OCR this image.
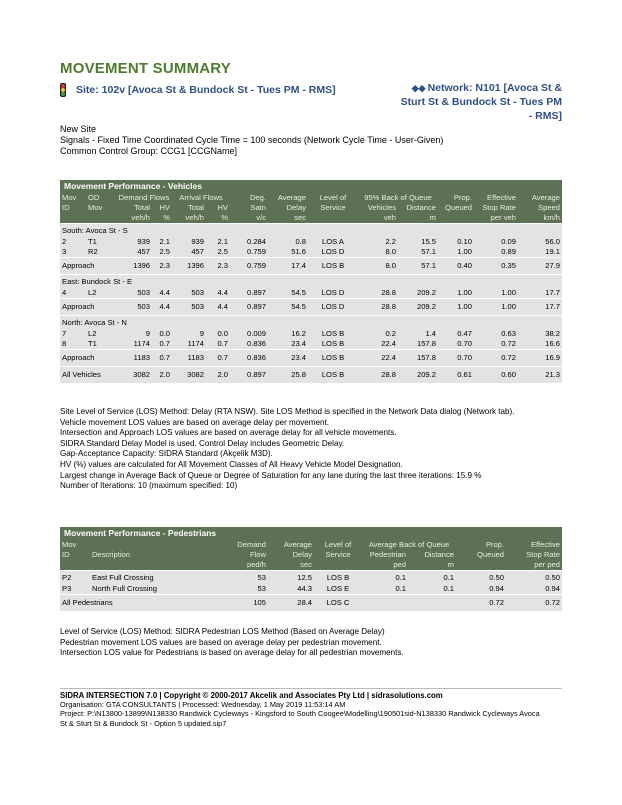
MOVEMENT SUMMARY
Site: 102v [Avoca St & Bundock St - Tues PM - RMS]	◆◆ Network: N101 [Avoca St & Sturt St & Bundock St - Tues PM - RMS]
New Site
Signals - Fixed Time Coordinated Cycle Time = 100 seconds (Network Cycle Time - User-Given)
Common Control Group: CCG1 [CCGName]
Movement Performance - Vehicles
Mov	OD	Demand Flows		Arrival Flows		Deg.	Average	Level of	95% Back of Queue		Prop.	Effective	Average
ID	Mov	Total	HV	Total	HV	Satn	Delay	Service	Vehicles	Distance	Queued	Stop Rate	Speed
		veh/h	%	veh/h	%	v/c	sec		veh	m		per veh	km/h
South: Avoca St - S													
2	T1	939	2.1	939	2.1	0.284	0.8	LOS A	2.2	15.5	0.10	0.09	56.0
3	R2	457	2.5	457	2.5	0.759	51.6	LOS D	8.0	57.1	1.00	0.89	19.1
Approach		1396	2.3	1396	2.3	0.759	17.4	LOS B	8.0	57.1	0.40	0.35	27.9
East: Bundock St - E													
4	L2	503	4.4	503	4.4	0.897	54.5	LOS D	28.8	209.2	1.00	1.00	17.7
Approach		503	4.4	503	4.4	0.897	54.5	LOS D	28.8	209.2	1.00	1.00	17.7
North: Avoca St - N													
7	L2	9	0.0	9	0.0	0.009	16.2	LOS B	0.2	1.4	0.47	0.63	38.2
8	T1	1174	0.7	1174	0.7	0.836	23.4	LOS B	22.4	157.8	0.70	0.72	16.6
Approach		1183	0.7	1183	0.7	0.836	23.4	LOS B	22.4	157.8	0.70	0.72	16.9
All Vehicles		3082	2.0	3082	2.0	0.897	25.8	LOS B	28.8	209.2	0.61	0.60	21.3
Site Level of Service (LOS) Method: Delay (RTA NSW). Site LOS Method is specified in the Network Data dialog (Network tab).
Vehicle movement LOS values are based on average delay per movement.
Intersection and Approach LOS values are based on average delay for all vehicle movements.
SIDRA Standard Delay Model is used. Control Delay includes Geometric Delay.
Gap-Acceptance Capacity: SIDRA Standard (Akçelik M3D).
HV (%) values are calculated for All Movement Classes of All Heavy Vehicle Model Designation.
Largest change in Average Back of Queue or Degree of Saturation for any lane during the last three iterations: 15.9 %
Number of Iterations: 10 (maximum specified: 10)
Movement Performance - Pedestrians
Mov		Demand	Average	Level of	Average Back of Queue		Prop.	Effective
ID	Description	Flow	Delay	Service	Pedestrian	Distance	Queued	Stop Rate
		ped/h	sec		ped	m		per ped
P2	East Full Crossing	53	12.5	LOS B	0.1	0.1	0.50	0.50
P3	North Full Crossing	53	44.3	LOS E	0.1	0.1	0.94	0.94
All Pedestrians		105	28.4	LOS C			0.72	0.72
Level of Service (LOS) Method: SIDRA Pedestrian LOS Method (Based on Average Delay)
Pedestrian movement LOS values are based on average delay per pedestrian movement.
Intersection LOS value for Pedestrians is based on average delay for all pedestrian movements.
SIDRA INTERSECTION 7.0 | Copyright © 2000-2017 Akcelik and Associates Pty Ltd | sidrasolutions.com
Organisation: GTA CONSULTANTS | Processed: Wednesday, 1 May 2019 11:53:14 AM
Project: P:\N13800-13899\N138330 Randwick Cycleways - Kingsford to South Coogee\Modelling\190501sid-N138330 Randwick Cycleways Avoca
St & Sturt St & Bundock St - Option 5 updated.sip7
